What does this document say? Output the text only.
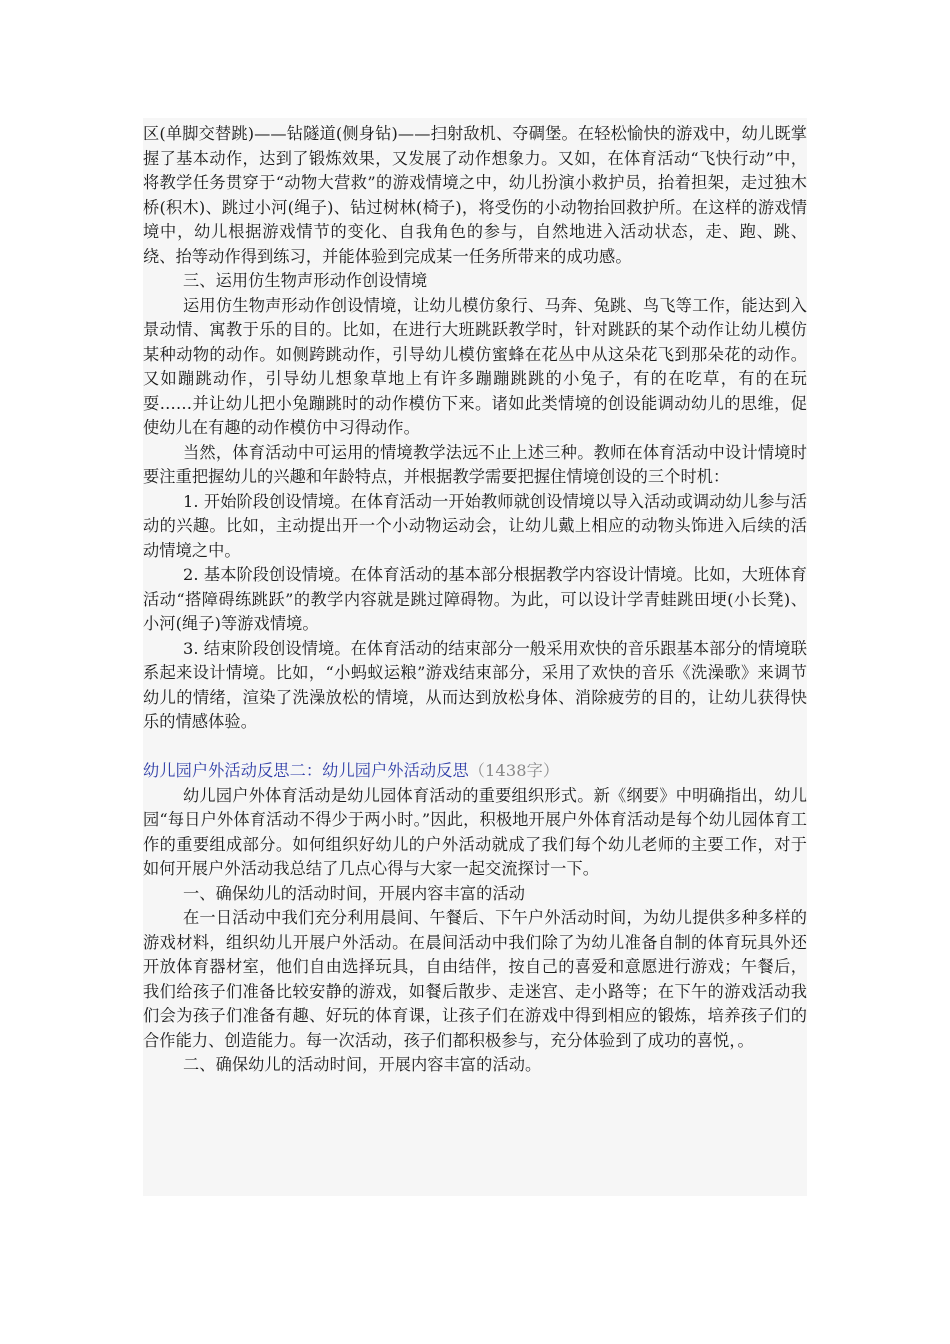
区(单脚交替跳)——钻隧道(侧身钻)——扫射敌机、夺碉堡。在轻松愉快的游戏中，幼儿既掌握了基本动作，达到了锻炼效果，又发展了动作想象力。又如，在体育活动“飞快行动”中，将教学任务贯穿于“动物大营救”的游戏情境之中，幼儿扮演小救护员，抬着担架，走过独木桥(积木)、跳过小河(绳子)、钻过树林(椅子)，将受伤的小动物抬回救护所。在这样的游戏情境中，幼儿根据游戏情节的变化、自我角色的参与，自然地进入活动状态，走、跑、跳、绕、抬等动作得到练习，并能体验到完成某一任务所带来的成功感。

三、运用仿生物声形动作创设情境

运用仿生物声形动作创设情境，让幼儿模仿象行、马奔、兔跳、鸟飞等工作，能达到入景动情、寓教于乐的目的。比如，在进行大班跳跃教学时，针对跳跃的某个动作让幼儿模仿某种动物的动作。如侧跨跳动作，引导幼儿模仿蜜蜂在花丛中从这朵花飞到那朵花的动作。又如蹦跳动作，引导幼儿想象草地上有许多蹦蹦跳跳的小兔子，有的在吃草，有的在玩耍……并让幼儿把小兔蹦跳时的动作模仿下来。诸如此类情境的创设能调动幼儿的思维，促使幼儿在有趣的动作模仿中习得动作。

当然，体育活动中可运用的情境教学法远不止上述三种。教师在体育活动中设计情境时要注重把握幼儿的兴趣和年龄特点，并根据教学需要把握住情境创设的三个时机：

1. 开始阶段创设情境。在体育活动一开始教师就创设情境以导入活动或调动幼儿参与活动的兴趣。比如，主动提出开一个小动物运动会，让幼儿戴上相应的动物头饰进入后续的活动情境之中。

2. 基本阶段创设情境。在体育活动的基本部分根据教学内容设计情境。比如，大班体育活动“搭障碍练跳跃”的教学内容就是跳过障碍物。为此，可以设计学青蛙跳田埂(小长凳)、小河(绳子)等游戏情境。

3. 结束阶段创设情境。在体育活动的结束部分一般采用欢快的音乐跟基本部分的情境联系起来设计情境。比如，“小蚂蚁运粮”游戏结束部分，采用了欢快的音乐《洗澡歌》来调节幼儿的情绪，渲染了洗澡放松的情境，从而达到放松身体、消除疲劳的目的，让幼儿获得快乐的情感体验。

幼儿园户外活动反思二：幼儿园户外活动反思（1438字）

幼儿园户外体育活动是幼儿园体育活动的重要组织形式。新《纲要》中明确指出，幼儿园“每日户外体育活动不得少于两小时。”因此，积极地开展户外体育活动是每个幼儿园体育工作的重要组成部分。如何组织好幼儿的户外活动就成了我们每个幼儿老师的主要工作，对于如何开展户外活动我总结了几点心得与大家一起交流探讨一下。

一、确保幼儿的活动时间，开展内容丰富的活动

在一日活动中我们充分利用晨间、午餐后、下午户外活动时间，为幼儿提供多种多样的游戏材料，组织幼儿开展户外活动。在晨间活动中我们除了为幼儿准备自制的体育玩具外还开放体育器材室，他们自由选择玩具，自由结伴，按自己的喜爱和意愿进行游戏；午餐后，我们给孩子们准备比较安静的游戏，如餐后散步、走迷宫、走小路等；在下午的游戏活动我们会为孩子们准备有趣、好玩的体育课，让孩子们在游戏中得到相应的锻炼，培养孩子们的合作能力、创造能力。每一次活动，孩子们都积极参与，充分体验到了成功的喜悦，。

二、确保幼儿的活动时间，开展内容丰富的活动。
